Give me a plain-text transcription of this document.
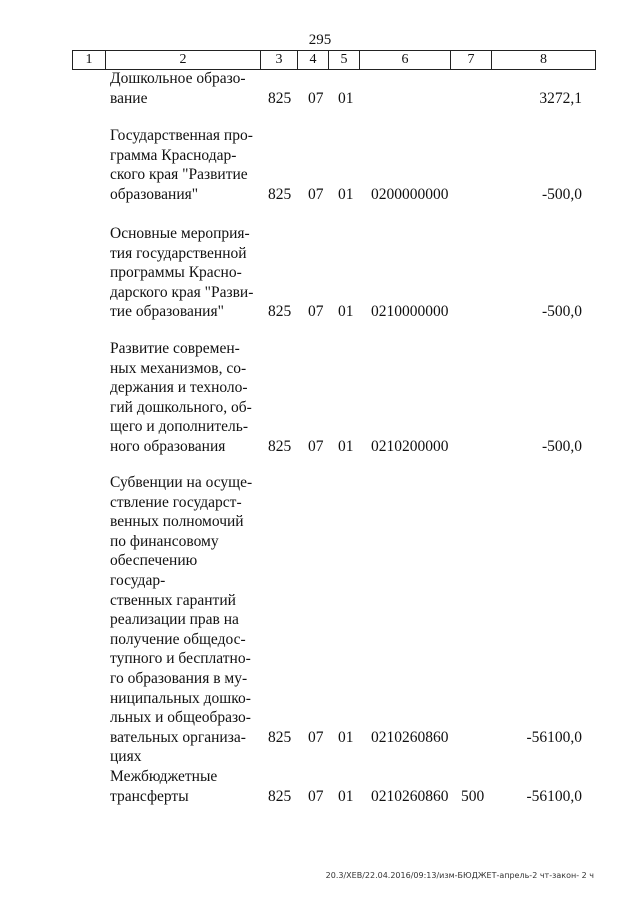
295
1	2	3	4	5	6	7	8
Дошкольное образо-
вание	825 07 01	3272,1
Государственная про-
грамма Краснодар-
ского края "Развитие
образования"	825 07 01 0200000000	-500,0
Основные мероприя-
тия государственной
программы Красно-
дарского края "Разви-
тие образования"	825 07 01 0210000000	-500,0
Развитие современ-
ных механизмов, со-
держания и техноло-
гий дошкольного, об-
щего и дополнитель-
ного образования	825 07 01 0210200000	-500,0
Субвенции на осуще-
ствление государст-
венных полномочий
по финансовому
обеспечению государ-
ственных гарантий
реализации прав на
получение общедос-
тупного и бесплатно-
го образования в му-
ниципальных дошко-
льных и общеобразо-
вательных организа-
циях
825 07 01 0210260860	-56100,0
Межбюджетные
трансферты	825 07 01 0210260860 500	-56100,0
20.3/ХЕВ/22.04.2016/09:13/изм-БЮДЖЕТ-апрель-2 чт-закон- 2 ч
